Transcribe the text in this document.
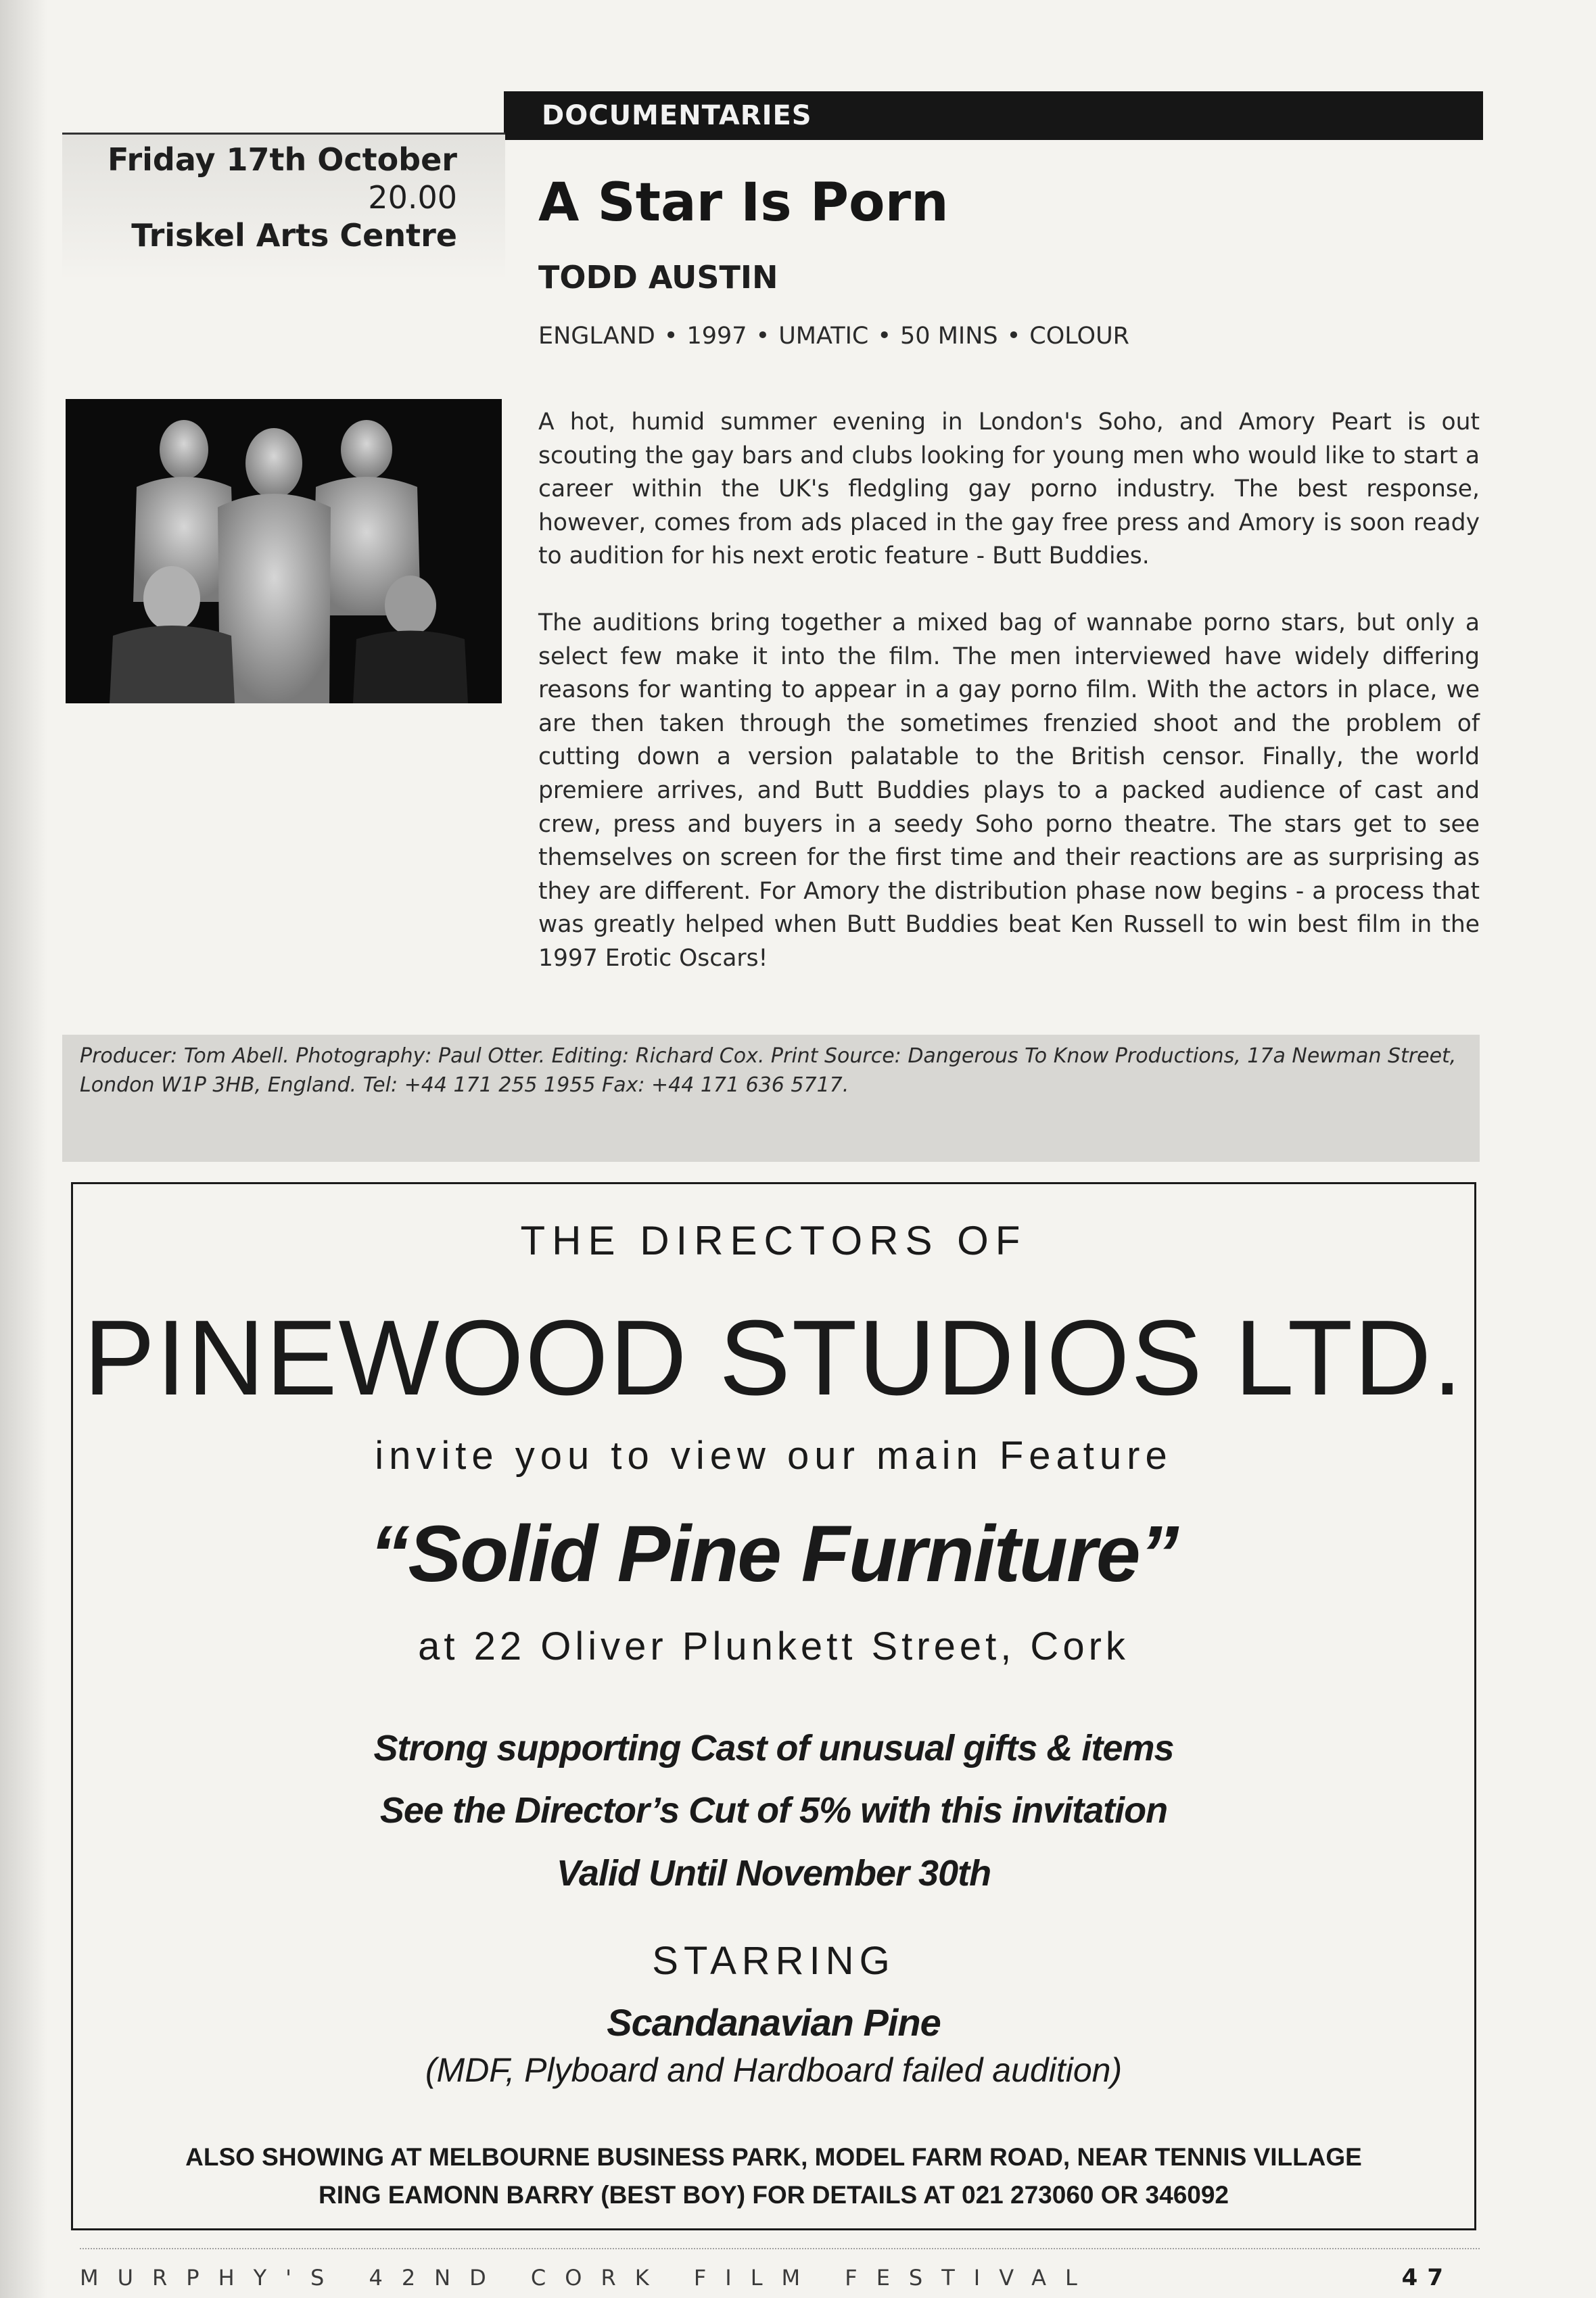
DOCUMENTARIES
Friday 17th October
20.00
Triskel Arts Centre
A Star Is Porn
TODD AUSTIN
ENGLAND • 1997 • UMATIC • 50 MINS • COLOUR

A hot, humid summer evening in London's Soho, and Amory Peart is out scouting the gay bars and clubs looking for young men who would like to start a career within the UK's fledgling gay porno industry. The best response, however, comes from ads placed in the gay free press and Amory is soon ready to audition for his next erotic feature - Butt Buddies.

The auditions bring together a mixed bag of wannabe porno stars, but only a select few make it into the film. The men interviewed have widely differing reasons for wanting to appear in a gay porno film. With the actors in place, we are then taken through the sometimes frenzied shoot and the problem of cutting down a version palatable to the British censor. Finally, the world premiere arrives, and Butt Buddies plays to a packed audience of cast and crew, press and buyers in a seedy Soho porno theatre. The stars get to see themselves on screen for the first time and their reactions are as surprising as they are different. For Amory the distribution phase now begins - a process that was greatly helped when Butt Buddies beat Ken Russell to win best film in the 1997 Erotic Oscars!

Producer: Tom Abell. Photography: Paul Otter. Editing: Richard Cox. Print Source: Dangerous To Know Productions, 17a Newman Street, London W1P 3HB, England. Tel: +44 171 255 1955 Fax: +44 171 636 5717.
THE DIRECTORS OF
PINEWOOD STUDIOS LTD.
invite you to view our main Feature
“Solid Pine Furniture”
at 22 Oliver Plunkett Street, Cork
Strong supporting Cast of unusual gifts & items
See the Director’s Cut of 5% with this invitation
Valid Until November 30th
STARRING
Scandanavian Pine
(MDF, Plyboard and Hardboard failed audition)
ALSO SHOWING AT MELBOURNE BUSINESS PARK, MODEL FARM ROAD, NEAR TENNIS VILLAGE
RING EAMONN BARRY (BEST BOY) FOR DETAILS AT 021 273060 OR 346092
MURPHY'S 42ND CORK FILM FESTIVAL	47
